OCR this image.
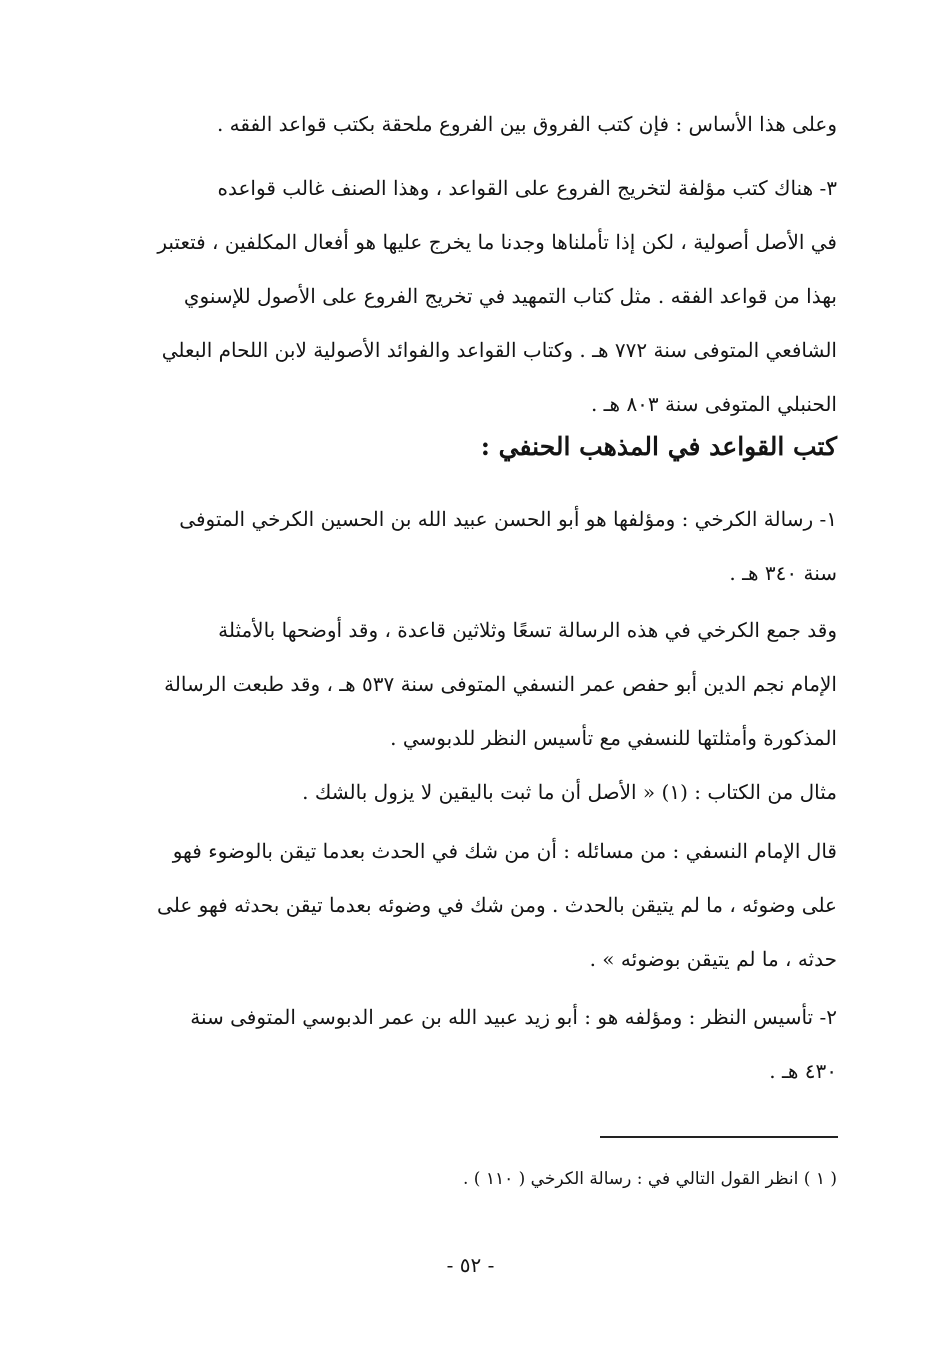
وعلى هذا الأساس : فإن كتب الفروق بين الفروع ملحقة بكتب قواعد الفقه .

٣- هناك كتب مؤلفة لتخريج الفروع على القواعد ، وهذا الصنف غالب قواعده
في الأصل أصولية ، لكن إذا تأملناها وجدنا ما يخرج عليها هو أفعال المكلفين ، فتعتبر
بهذا من قواعد الفقه . مثل كتاب التمهيد في تخريج الفروع على الأصول للإسنوي
الشافعي المتوفى سنة ٧٧٢ هـ . وكتاب القواعد والفوائد الأصولية لابن اللحام البعلي
الحنبلي المتوفى سنة ٨٠٣ هـ .

كتب القواعد في المذهب الحنفي :

١- رسالة الكرخي : ومؤلفها هو أبو الحسن عبيد الله بن الحسين الكرخي المتوفى
سنة ٣٤٠ هـ .

وقد جمع الكرخي في هذه الرسالة تسعًا وثلاثين قاعدة ، وقد أوضحها بالأمثلة
الإمام نجم الدين أبو حفص عمر النسفي المتوفى سنة ٥٣٧ هـ ، وقد طبعت الرسالة
المذكورة وأمثلتها للنسفي مع تأسيس النظر للدبوسي .

مثال من الكتاب : (١) « الأصل أن ما ثبت باليقين لا يزول بالشك .

قال الإمام النسفي : من مسائله : أن من شك في الحدث بعدما تيقن بالوضوء فهو
على وضوئه ، ما لم يتيقن بالحدث . ومن شك في وضوئه بعدما تيقن بحدثه فهو على
حدثه ، ما لم يتيقن بوضوئه » .

٢- تأسيس النظر : ومؤلفه هو : أبو زيد عبيد الله بن عمر الدبوسي المتوفى سنة
٤٣٠ هـ .

( ١ ) انظر القول التالي في : رسالة الكرخي ( ١١٠ ) .

- ٥٢ -
